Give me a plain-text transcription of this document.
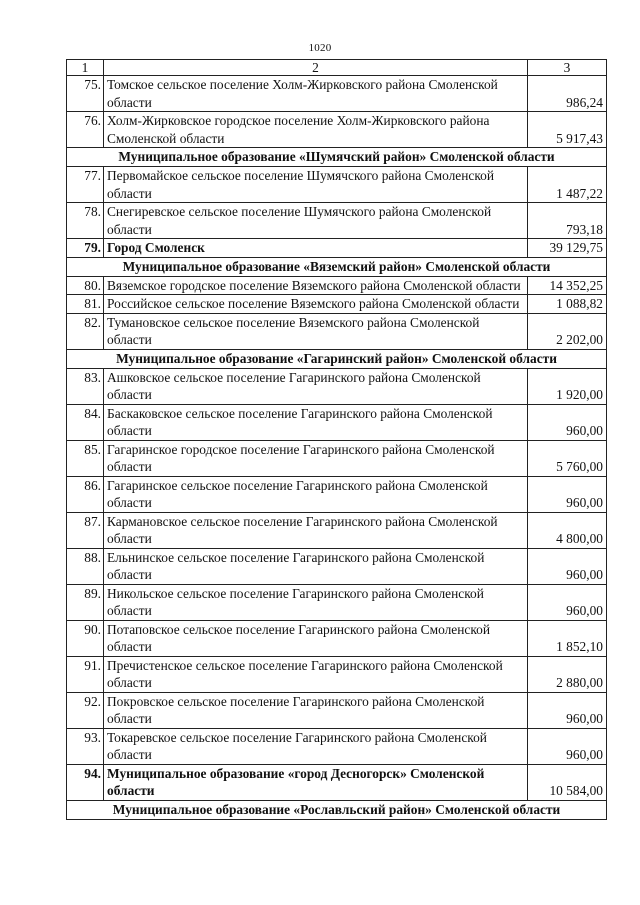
1020
1	2	3
75.	Томское сельское поселение Холм-Жирковского района Смоленской области	986,24
76.	Холм-Жирковское городское поселение Холм-Жирковского района Смоленской области	5 917,43
Муниципальное образование «Шумячский район» Смоленской области		
77.	Первомайское сельское поселение Шумячского района Смоленской области	1 487,22
78.	Снегиревское сельское поселение Шумячского района Смоленской области	793,18
79.	Город Смоленск	39 129,75
Муниципальное образование «Вяземский район» Смоленской области		
80.	Вяземское городское поселение Вяземского района Смоленской области	14 352,25
81.	Российское сельское поселение Вяземского района Смоленской области	1 088,82
82.	Тумановское сельское поселение Вяземского района Смоленской области	2 202,00
Муниципальное образование «Гагаринский район» Смоленской области		
83.	Ашковское сельское поселение Гагаринского района Смоленской области	1 920,00
84.	Баскаковское сельское поселение Гагаринского района Смоленской области	960,00
85.	Гагаринское городское поселение Гагаринского района Смоленской области	5 760,00
86.	Гагаринское сельское поселение Гагаринского района Смоленской области	960,00
87.	Кармановское сельское поселение Гагаринского района Смоленской области	4 800,00
88.	Ельнинское сельское поселение Гагаринского района Смоленской области	960,00
89.	Никольское сельское поселение Гагаринского района Смоленской области	960,00
90.	Потаповское сельское поселение Гагаринского района Смоленской области	1 852,10
91.	Пречистенское сельское поселение Гагаринского района Смоленской области	2 880,00
92.	Покровское сельское поселение Гагаринского района Смоленской области	960,00
93.	Токаревское сельское поселение Гагаринского района Смоленской области	960,00
94.	Муниципальное образование «город Десногорск» Смоленской области	10 584,00
Муниципальное образование «Рославльский район» Смоленской области		
